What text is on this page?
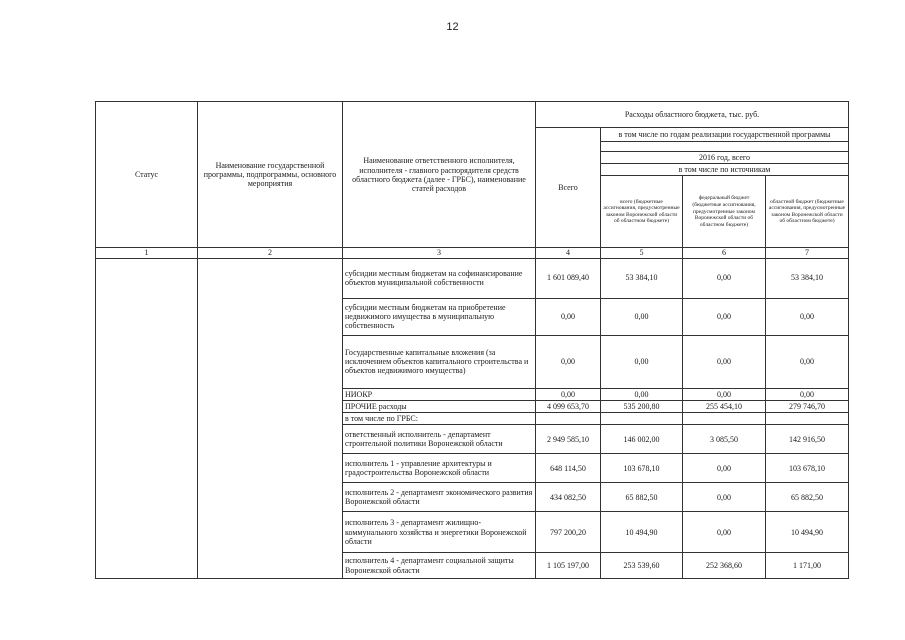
12
Статус	Наименование государственной программы, подпрограммы, основного мероприятия	Наименование ответственного исполнителя, исполнителя - главного распорядителя средств областного бюджета (далее - ГРБС), наименование статей расходов	Расходы областного бюджета, тыс. руб.			
			Всего	в том числе по годам реализации государственной программы		

				2016 год, всего		
				в том числе по источникам		
				всего (бюджетные ассигнования, предусмотренные законом Воронежской области об областном бюджете)	федеральный бюджет (бюджетные ассигнования, предусмотренные законом Воронежской области об областном бюджете)	областной бюджет (бюджетные ассигнования, предусмотренные законом Воронежской области об областном бюджете)
1	2	3	4	5	6	7
		субсидии местным бюджетам на софинансирование объектов муниципальной собственности	1 601 089,40	53 384,10	0,00	53 384,10
		субсидии местным бюджетам на приобретение недвижимого имущества в муниципальную собственность	0,00	0,00	0,00	0,00
		Государственные капитальные вложения (за исключением объектов капитального строительства и объектов недвижимого имущества)	0,00	0,00	0,00	0,00
		НИОКР	0,00	0,00	0,00	0,00
		ПРОЧИЕ расходы	4 099 653,70	535 200,80	255 454,10	279 746,70
		в том числе по ГРБС:				
		ответственный исполнитель - департамент строительной политики Воронежской области	2 949 585,10	146 002,00	3 085,50	142 916,50
		исполнитель 1 - управление архитектуры и градостроительства Воронежской области	648 114,50	103 678,10	0,00	103 678,10
		исполнитель 2 - департамент экономического развития Воронежской области	434 082,50	65 882,50	0,00	65 882,50
		исполнитель 3 - департамент жилищно-коммунального хозяйства и энергетики Воронежской области	797 200,20	10 494,90	0,00	10 494,90
		исполнитель 4 - департамент социальной защиты Воронежской области	1 105 197,00	253 539,60	252 368,60	1 171,00
